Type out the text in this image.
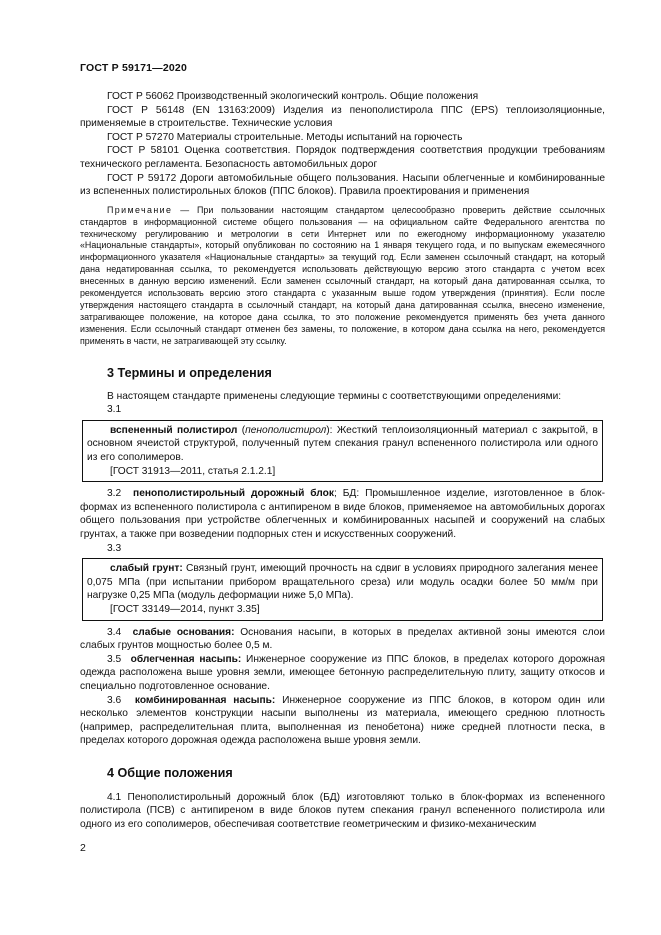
ГОСТ Р 59171—2020

ГОСТ Р 56062 Производственный экологический контроль. Общие положения

ГОСТ Р 56148 (EN 13163:2009) Изделия из пенополистирола ППС (EPS) теплоизоляционные, применяемые в строительстве. Технические условия

ГОСТ Р 57270 Материалы строительные. Методы испытаний на горючесть

ГОСТ Р 58101 Оценка соответствия. Порядок подтверждения соответствия продукции требованиям технического регламента. Безопасность автомобильных дорог

ГОСТ Р 59172 Дороги автомобильные общего пользования. Насыпи облегченные и комбинированные из вспененных полистирольных блоков (ППС блоков). Правила проектирования и применения

Примечание — При пользовании настоящим стандартом целесообразно проверить действие ссылочных стандартов в информационной системе общего пользования — на официальном сайте Федерального агентства по техническому регулированию и метрологии в сети Интернет или по ежегодному информационному указателю «Национальные стандарты», который опубликован по состоянию на 1 января текущего года, и по выпускам ежемесячного информационного указателя «Национальные стандарты» за текущий год. Если заменен ссылочный стандарт, на который дана недатированная ссылка, то рекомендуется использовать действующую версию этого стандарта с учетом всех внесенных в данную версию изменений. Если заменен ссылочный стандарт, на который дана датированная ссылка, то рекомендуется использовать версию этого стандарта с указанным выше годом утверждения (принятия). Если после утверждения настоящего стандарта в ссылочный стандарт, на который дана датированная ссылка, внесено изменение, затрагивающее положение, на которое дана ссылка, то это положение рекомендуется применять без учета данного изменения. Если ссылочный стандарт отменен без замены, то положение, в котором дана ссылка на него, рекомендуется применять в части, не затрагивающей эту ссылку.

3 Термины и определения

В настоящем стандарте применены следующие термины с соответствующими определениями:

3.1

вспененный полистирол (пенополистирол): Жесткий теплоизоляционный материал с закрытой, в основном ячеистой структурой, полученный путем спекания гранул вспененного полистирола или одного из его сополимеров.

[ГОСТ 31913—2011, статья 2.1.2.1]

3.2 пенополистирольный дорожный блок; БД: Промышленное изделие, изготовленное в блок-формах из вспененного полистирола с антипиреном в виде блоков, применяемое на автомобильных дорогах общего пользования при устройстве облегченных и комбинированных насыпей и сооружений на слабых грунтах, а также при возведении подпорных стен и искусственных сооружений.

3.3

слабый грунт: Связный грунт, имеющий прочность на сдвиг в условиях природного залегания менее 0,075 МПа (при испытании прибором вращательного среза) или модуль осадки более 50 мм/м при нагрузке 0,25 МПа (модуль деформации ниже 5,0 МПа).

[ГОСТ 33149—2014, пункт 3.35]

3.4 слабые основания: Основания насыпи, в которых в пределах активной зоны имеются слои слабых грунтов мощностью более 0,5 м.

3.5 облегченная насыпь: Инженерное сооружение из ППС блоков, в пределах которого дорожная одежда расположена выше уровня земли, имеющее бетонную распределительную плиту, защиту откосов и специально подготовленное основание.

3.6 комбинированная насыпь: Инженерное сооружение из ППС блоков, в котором один или несколько элементов конструкции насыпи выполнены из материала, имеющего среднюю плотность (например, распределительная плита, выполненная из пенобетона) ниже средней плотности песка, в пределах которого дорожная одежда расположена выше уровня земли.

4 Общие положения

4.1 Пенополистирольный дорожный блок (БД) изготовляют только в блок-формах из вспененного полистирола (ПСВ) с антипиреном в виде блоков путем спекания гранул вспененного полистирола или одного из его сополимеров, обеспечивая соответствие геометрическим и физико-механическим

2
